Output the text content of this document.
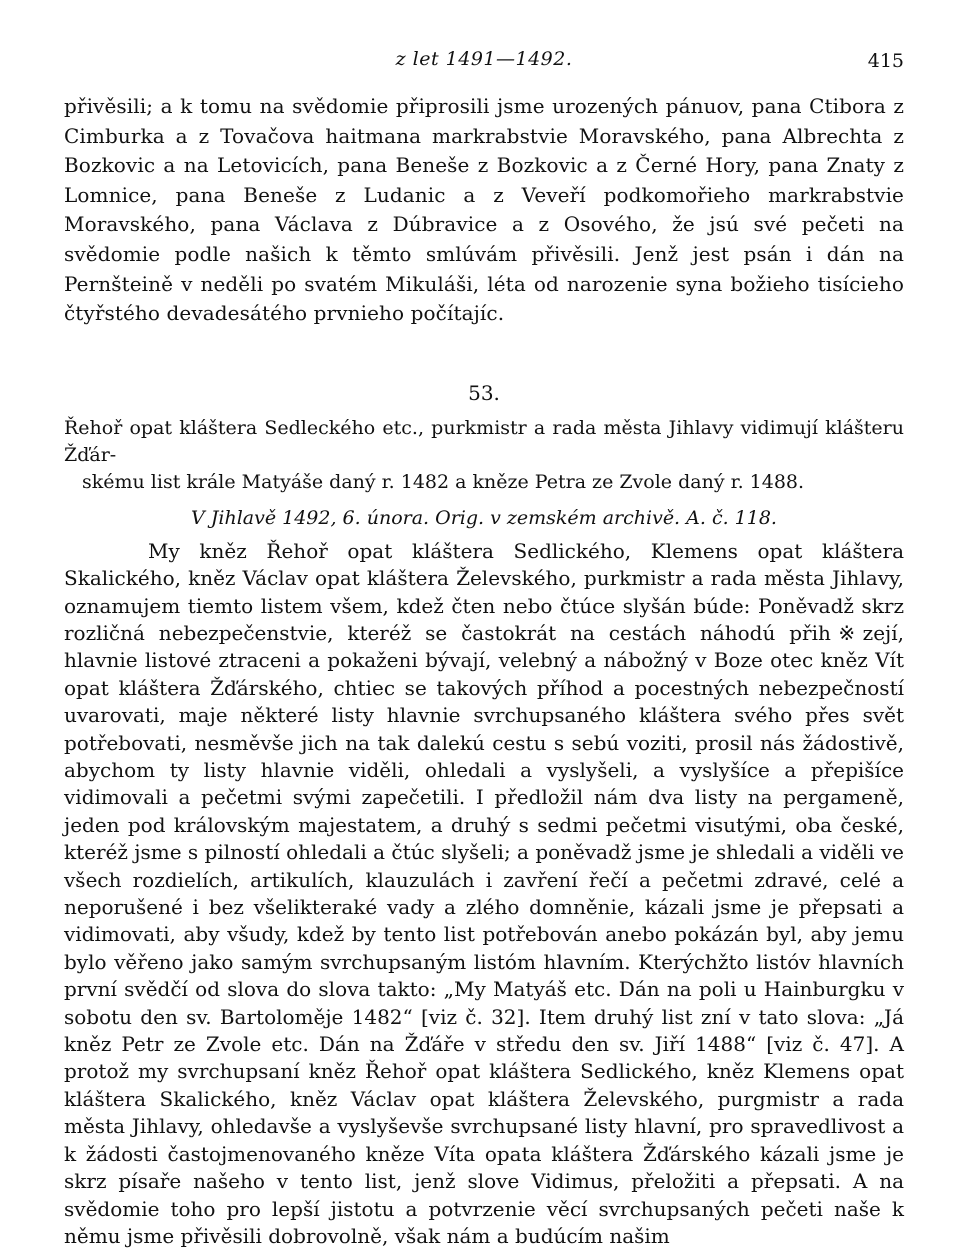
z let 1491—1492.	415

přivěsili; a k tomu na svědomie připrosili jsme urozených pánuov, pana Ctibora z Cimburka a z Tovačova haitmana markrabstvie Moravského, pana Albrechta z Bozkovic a na Letovicích, pana Beneše z Bozkovic a z Černé Hory, pana Znaty z Lomnice, pana Beneše z Ludanic a z Veveří podkomořieho markrabstvie Moravského, pana Václava z Dúbravice a z Osového, že jsú své pečeti na svědomie podle našich k těmto smlúvám přivěsili. Jenž jest psán i dán na Pernšteině v neděli po svatém Mikuláši, léta od narozenie syna božieho tisícieho čtyřstého devadesátého prvnieho počítajíc.

53.
Řehoř opat kláštera Sedleckého etc., purkmistr a rada města Jihlavy vidimují klášteru Žďár-
skému list krále Matyáše daný r. 1482 a kněze Petra ze Zvole daný r. 1488.
V Jihlavě 1492, 6. února. Orig. v zemském archivě. A. č. 118.
My kněz Řehoř opat kláštera Sedlického, Klemens opat kláštera Skalického, kněz Václav opat kláštera Želevského, purkmistr a rada města Jihlavy, oznamujem tiemto listem všem, kdež čten nebo čtúce slyšán búde: Poněvadž skrz rozličná nebezpečenstvie, kteréž se častokrát na cestách náhodú přih※zejí, hlavnie listové ztraceni a pokaženi bývají, velebný a nábožný v Boze otec kněz Vít opat kláštera Žďárského, chtiec se takových příhod a pocestných nebezpečností uvarovati, maje některé listy hlavnie svrchupsaného kláštera svého přes svět potřebovati, nesměvše jich na tak dalekú cestu s sebú voziti, prosil nás žádostivě, abychom ty listy hlavnie viděli, ohledali a vyslyšeli, a vyslyšíce a přepišíce vidimovali a pečetmi svými zapečetili. I předložil nám dva listy na pergameně, jeden pod královským majestatem, a druhý s sedmi pečetmi visutými, oba české, kteréž jsme s pilností ohledali a čtúc slyšeli; a poněvadž jsme je shledali a viděli ve všech rozdielích, artikulích, klauzulách i zavření řečí a pečetmi zdravé, celé a neporušené i bez všelikteraké vady a zlého domněnie, kázali jsme je přepsati a vidimovati, aby všudy, kdež by tento list potřebován anebo pokázán byl, aby jemu bylo věřeno jako samým svrchupsaným listóm hlavním. Kterýchžto listóv hlavních první svědčí od slova do slova takto: „My Matyáš etc. Dán na poli u Hainburgku v sobotu den sv. Bartoloměje 1482“ [viz č. 32]. Item druhý list zní v tato slova: „Já kněz Petr ze Zvole etc. Dán na Žďáře v středu den sv. Jiří 1488“ [viz č. 47]. A protož my svrchupsaní kněz Řehoř opat kláštera Sedlického, kněz Klemens opat kláštera Skalického, kněz Václav opat kláštera Želevského, purgmistr a rada města Jihlavy, ohledavše a vyslyševše svrchupsané listy hlavní, pro spravedlivost a k žádosti častojmenovaného kněze Víta opata kláštera Žďárského kázali jsme je skrz písaře našeho v tento list, jenž slove Vidimus, přeložiti a přepsati. A na svědomie toho pro lepší jistotu a potvrzenie věcí svrchupsaných pečeti naše k němu jsme přivěsili dobrovolně, však nám a budúcím našim
